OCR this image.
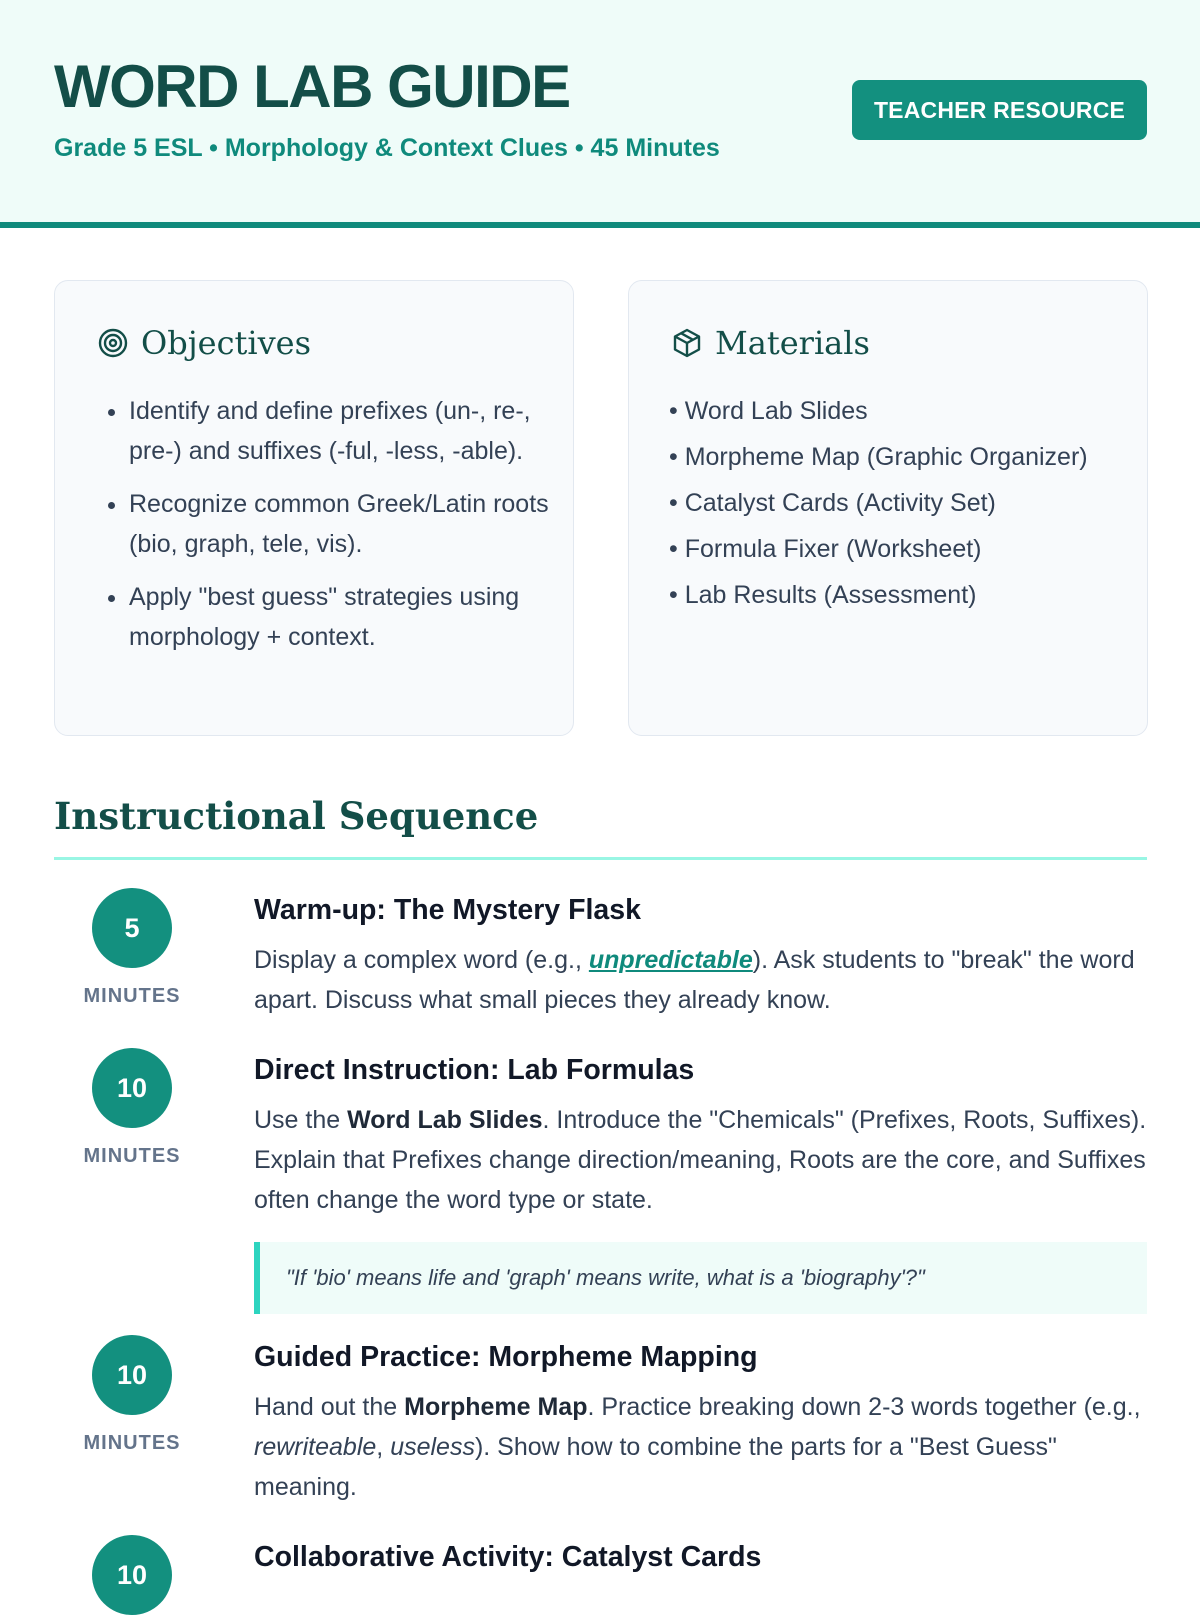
WORD LAB GUIDE
Grade 5 ESL • Morphology & Context Clues • 45 Minutes
TEACHER RESOURCE
Objectives
• Identify and define prefixes (un-, re-, pre-) and suffixes (-ful, -less, -able).
• Recognize common Greek/Latin roots (bio, graph, tele, vis).
• Apply "best guess" strategies using morphology + context.
Materials
• Word Lab Slides
• Morpheme Map (Graphic Organizer)
• Catalyst Cards (Activity Set)
• Formula Fixer (Worksheet)
• Lab Results (Assessment)
Instructional Sequence
5
MINUTES
Warm-up: The Mystery Flask

Display a complex word (e.g., unpredictable). Ask students to "break" the word apart. Discuss what small pieces they already know.

10
MINUTES
Direct Instruction: Lab Formulas

Use the Word Lab Slides. Introduce the "Chemicals" (Prefixes, Roots, Suffixes). Explain that Prefixes change direction/meaning, Roots are the core, and Suffixes often change the word type or state.

"If 'bio' means life and 'graph' means write, what is a 'biography'?"
10
MINUTES
Guided Practice: Morpheme Mapping

Hand out the Morpheme Map. Practice breaking down 2-3 words together (e.g., rewriteable, useless). Show how to combine the parts for a "Best Guess" meaning.

10
Collaborative Activity: Catalyst Cards
